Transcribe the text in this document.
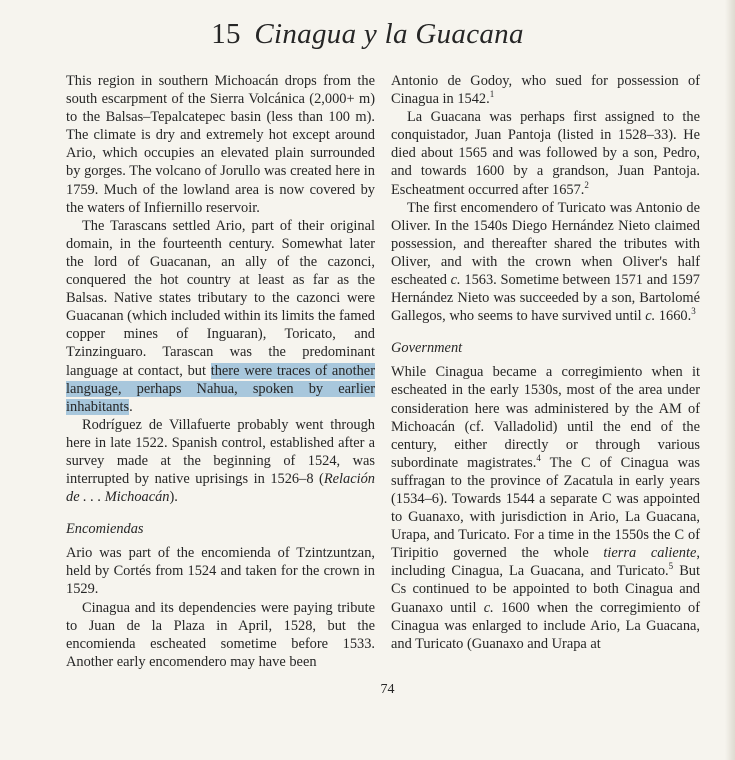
15 Cinagua y la Guacana

This region in southern Michoacán drops from the south escarpment of the Sierra Volcánica (2,000+ m) to the Balsas–Tepalcatepec basin (less than 100 m). The climate is dry and extremely hot except around Ario, which occupies an elevated plain surrounded by gorges. The volcano of Jorullo was created here in 1759. Much of the lowland area is now covered by the waters of Infiernillo reservoir.

The Tarascans settled Ario, part of their original domain, in the fourteenth century. Somewhat later the lord of Guacanan, an ally of the cazonci, conquered the hot country at least as far as the Balsas. Native states tributary to the cazonci were Guacanan (which included within its limits the famed copper mines of Inguaran), Toricato, and Tzinzinguaro. Tarascan was the predominant language at contact, but there were traces of another language, perhaps Nahua, spoken by earlier inhabitants.

Rodríguez de Villafuerte probably went through here in late 1522. Spanish control, established after a survey made at the beginning of 1524, was interrupted by native uprisings in 1526–8 (Relación de . . . Michoacán).

Encomiendas

Ario was part of the encomienda of Tzintzuntzan, held by Cortés from 1524 and taken for the crown in 1529.

Cinagua and its dependencies were paying tribute to Juan de la Plaza in April, 1528, but the encomienda escheated sometime before 1533. Another early encomendero may have been

Antonio de Godoy, who sued for possession of Cinagua in 1542.$^1$

La Guacana was perhaps first assigned to the conquistador, Juan Pantoja (listed in 1528–33). He died about 1565 and was followed by a son, Pedro, and towards 1600 by a grandson, Juan Pantoja. Escheatment occurred after 1657.$^2$

The first encomendero of Turicato was Antonio de Oliver. In the 1540s Diego Hernández Nieto claimed possession, and thereafter shared the tributes with Oliver, and with the crown when Oliver's half escheated c. 1563. Sometime between 1571 and 1597 Hernández Nieto was succeeded by a son, Bartolomé Gallegos, who seems to have survived until c. 1660.$^3$

Government

While Cinagua became a corregimiento when it escheated in the early 1530s, most of the area under consideration here was administered by the AM of Michoacán (cf. Valladolid) until the end of the century, either directly or through various subordinate magistrates.$^4$ The C of Cinagua was suffragan to the province of Zacatula in early years (1534–6). Towards 1544 a separate C was appointed to Guanaxo, with jurisdiction in Ario, La Guacana, Urapa, and Turicato. For a time in the 1550s the C of Tiripitio governed the whole tierra caliente, including Cinagua, La Guacana, and Turicato.$^5$ But Cs continued to be appointed to both Cinagua and Guanaxo until c. 1600 when the corregimiento of Cinagua was enlarged to include Ario, La Guacana, and Turicato (Guanaxo and Urapa at

74
